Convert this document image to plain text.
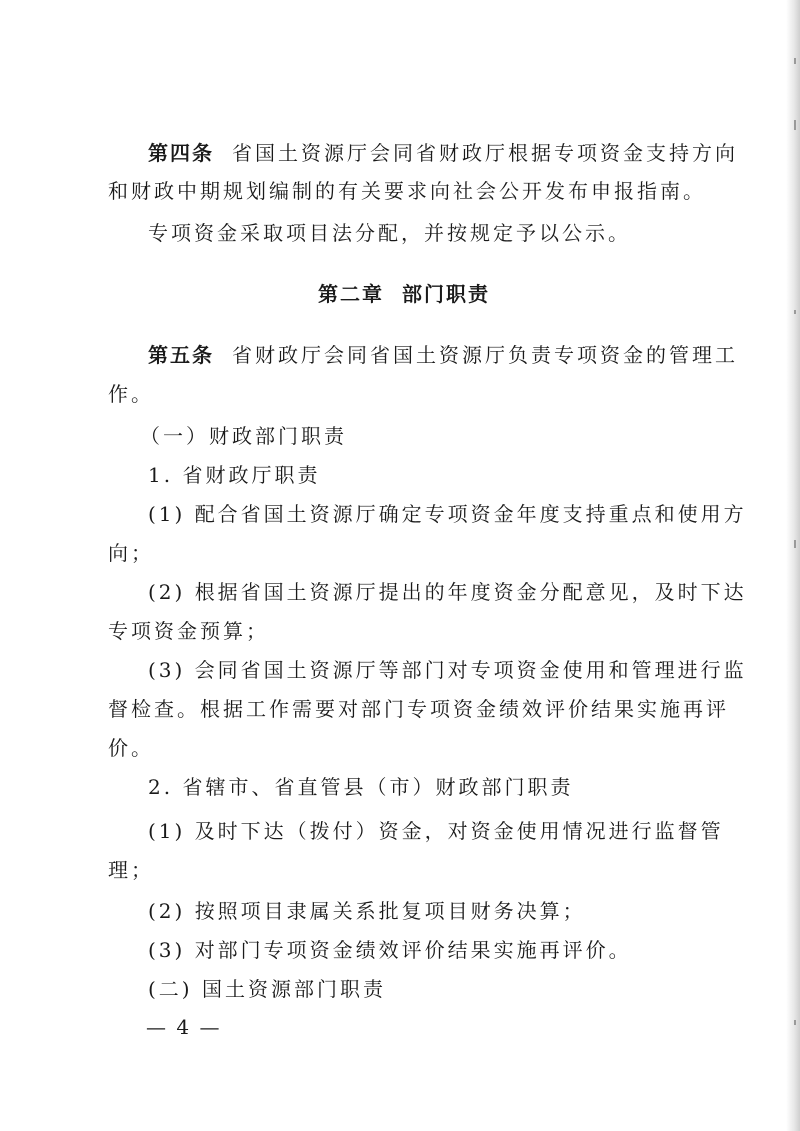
第四条 省国土资源厅会同省财政厅根据专项资金支持方向
和财政中期规划编制的有关要求向社会公开发布申报指南。
专项资金采取项目法分配，并按规定予以公示。
第二章 部门职责
第五条 省财政厅会同省国土资源厅负责专项资金的管理工
作。
（一）财政部门职责
1. 省财政厅职责
(1) 配合省国土资源厅确定专项资金年度支持重点和使用方
向；
(2) 根据省国土资源厅提出的年度资金分配意见，及时下达
专项资金预算；
(3) 会同省国土资源厅等部门对专项资金使用和管理进行监
督检查。根据工作需要对部门专项资金绩效评价结果实施再评
价。
2. 省辖市、省直管县（市）财政部门职责
(1) 及时下达（拨付）资金，对资金使用情况进行监督管
理；
(2) 按照项目隶属关系批复项目财务决算；
(3) 对部门专项资金绩效评价结果实施再评价。
(二) 国土资源部门职责
— 4 —
